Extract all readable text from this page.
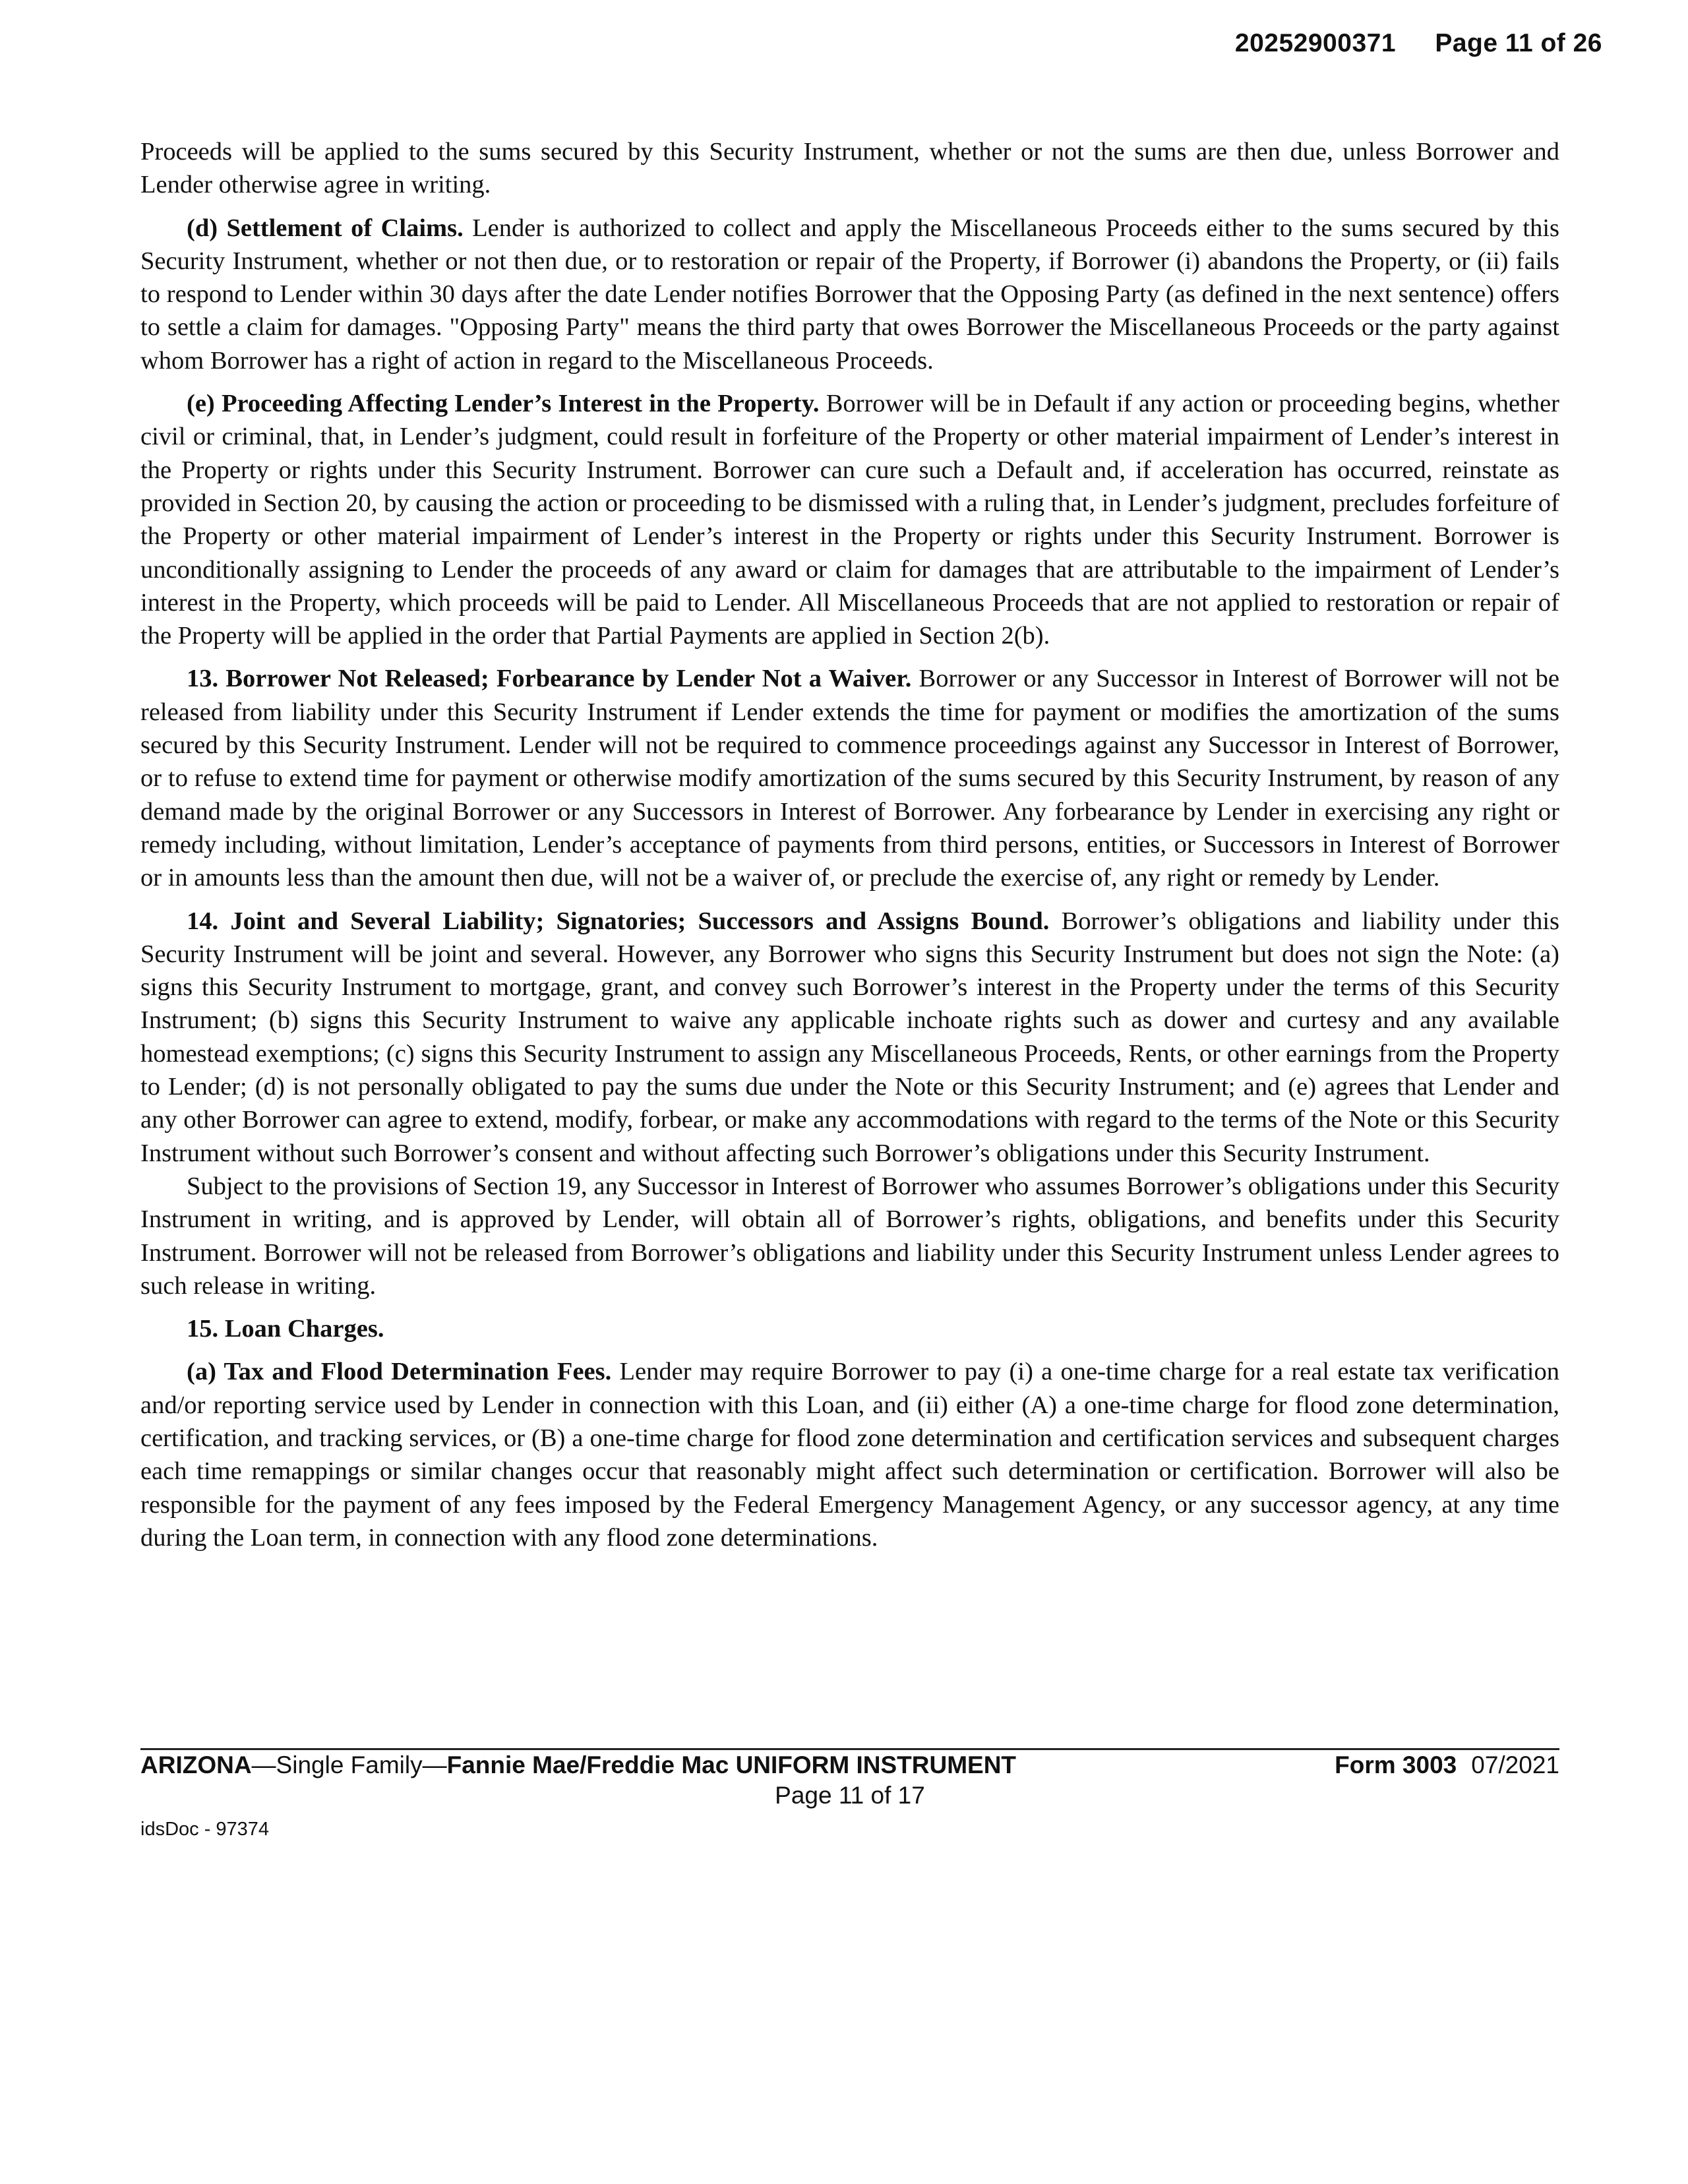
20252900371 Page 11 of 26

Proceeds will be applied to the sums secured by this Security Instrument, whether or not the sums are then due, unless Borrower and Lender otherwise agree in writing.

(d) Settlement of Claims. Lender is authorized to collect and apply the Miscellaneous Proceeds either to the sums secured by this Security Instrument, whether or not then due, or to restoration or repair of the Property, if Borrower (i) abandons the Property, or (ii) fails to respond to Lender within 30 days after the date Lender notifies Borrower that the Opposing Party (as defined in the next sentence) offers to settle a claim for damages. "Opposing Party" means the third party that owes Borrower the Miscellaneous Proceeds or the party against whom Borrower has a right of action in regard to the Miscellaneous Proceeds.

(e) Proceeding Affecting Lender’s Interest in the Property. Borrower will be in Default if any action or proceeding begins, whether civil or criminal, that, in Lender’s judgment, could result in forfeiture of the Property or other material impairment of Lender’s interest in the Property or rights under this Security Instrument. Borrower can cure such a Default and, if acceleration has occurred, reinstate as provided in Section 20, by causing the action or proceeding to be dismissed with a ruling that, in Lender’s judgment, precludes forfeiture of the Property or other material impairment of Lender’s interest in the Property or rights under this Security Instrument. Borrower is unconditionally assigning to Lender the proceeds of any award or claim for damages that are attributable to the impairment of Lender’s interest in the Property, which proceeds will be paid to Lender. All Miscellaneous Proceeds that are not applied to restoration or repair of the Property will be applied in the order that Partial Payments are applied in Section 2(b).

13. Borrower Not Released; Forbearance by Lender Not a Waiver. Borrower or any Successor in Interest of Borrower will not be released from liability under this Security Instrument if Lender extends the time for payment or modifies the amortization of the sums secured by this Security Instrument. Lender will not be required to commence proceedings against any Successor in Interest of Borrower, or to refuse to extend time for payment or otherwise modify amortization of the sums secured by this Security Instrument, by reason of any demand made by the original Borrower or any Successors in Interest of Borrower. Any forbearance by Lender in exercising any right or remedy including, without limitation, Lender’s acceptance of payments from third persons, entities, or Successors in Interest of Borrower or in amounts less than the amount then due, will not be a waiver of, or preclude the exercise of, any right or remedy by Lender.

14. Joint and Several Liability; Signatories; Successors and Assigns Bound. Borrower’s obligations and liability under this Security Instrument will be joint and several. However, any Borrower who signs this Security Instrument but does not sign the Note: (a) signs this Security Instrument to mortgage, grant, and convey such Borrower’s interest in the Property under the terms of this Security Instrument; (b) signs this Security Instrument to waive any applicable inchoate rights such as dower and curtesy and any available homestead exemptions; (c) signs this Security Instrument to assign any Miscellaneous Proceeds, Rents, or other earnings from the Property to Lender; (d) is not personally obligated to pay the sums due under the Note or this Security Instrument; and (e) agrees that Lender and any other Borrower can agree to extend, modify, forbear, or make any accommodations with regard to the terms of the Note or this Security Instrument without such Borrower’s consent and without affecting such Borrower’s obligations under this Security Instrument.

Subject to the provisions of Section 19, any Successor in Interest of Borrower who assumes Borrower’s obligations under this Security Instrument in writing, and is approved by Lender, will obtain all of Borrower’s rights, obligations, and benefits under this Security Instrument. Borrower will not be released from Borrower’s obligations and liability under this Security Instrument unless Lender agrees to such release in writing.

15. Loan Charges.

(a) Tax and Flood Determination Fees. Lender may require Borrower to pay (i) a one-time charge for a real estate tax verification and/or reporting service used by Lender in connection with this Loan, and (ii) either (A) a one-time charge for flood zone determination, certification, and tracking services, or (B) a one-time charge for flood zone determination and certification services and subsequent charges each time remappings or similar changes occur that reasonably might affect such determination or certification. Borrower will also be responsible for the payment of any fees imposed by the Federal Emergency Management Agency, or any successor agency, at any time during the Loan term, in connection with any flood zone determinations.

ARIZONA—Single Family—Fannie Mae/Freddie Mac UNIFORM INSTRUMENT	Form 3003 07/2021
Page 11 of 17
idsDoc - 97374
